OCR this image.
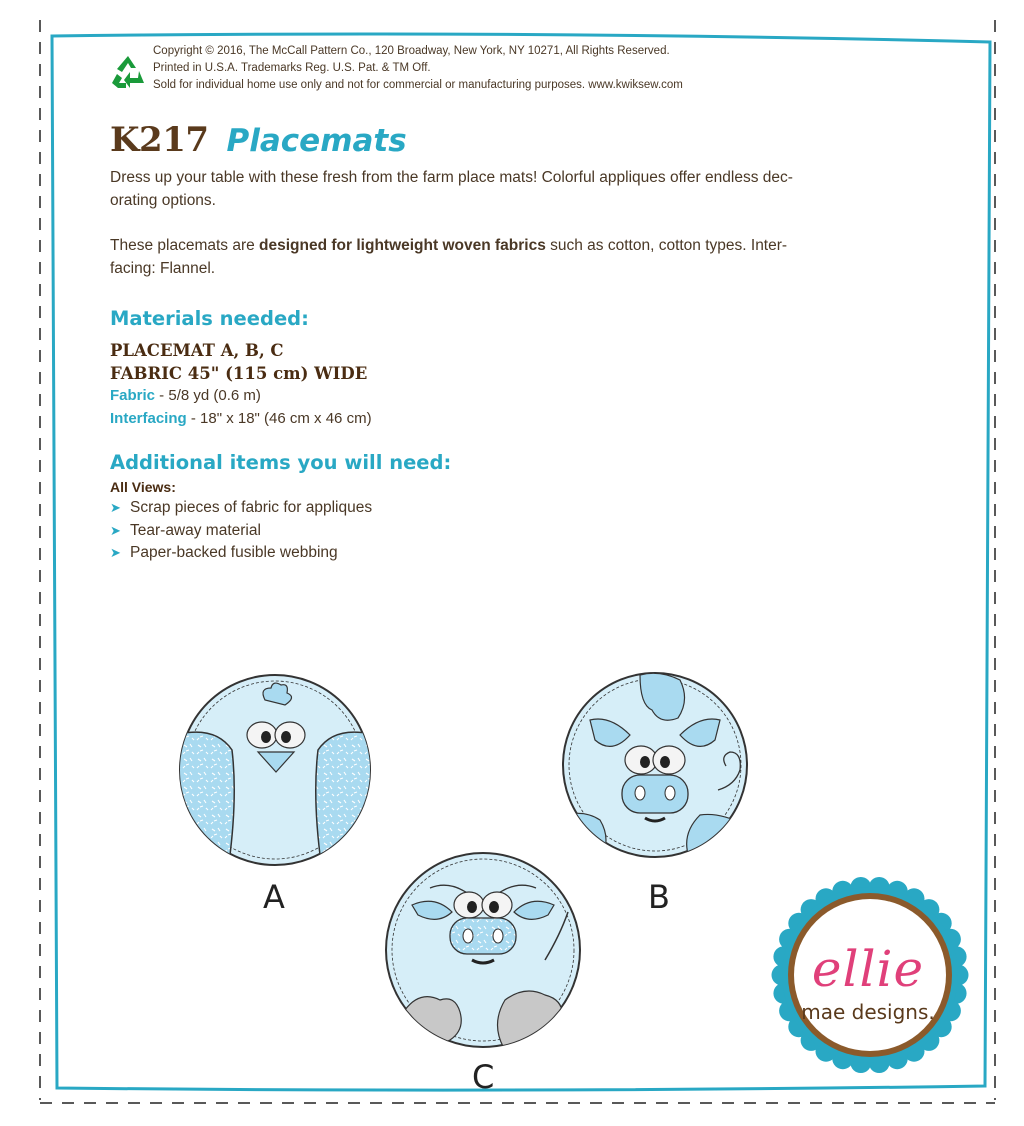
Copyright © 2016, The McCall Pattern Co., 120 Broadway, New York, NY 10271, All Rights Reserved.
Printed in U.S.A. Trademarks Reg. U.S. Pat. & TM Off.
Sold for individual home use only and not for commercial or manufacturing purposes. www.kwiksew.com
K217 Placemats
Dress up your table with these fresh from the farm place mats! Colorful appliques offer endless dec-
orating options.
These placemats are designed for lightweight woven fabrics such as cotton, cotton types. Inter-
facing: Flannel.
Materials needed:
PLACEMAT A, B, C
FABRIC 45" (115 cm) WIDE
Fabric - 5/8 yd (0.6 m)
Interfacing - 18" x 18" (46 cm x 46 cm)
Additional items you will need:
All Views:
➤ Scrap pieces of fabric for appliques
➤ Tear-away material
➤ Paper-backed fusible webbing
A	B
C
ellie
mae designs.
